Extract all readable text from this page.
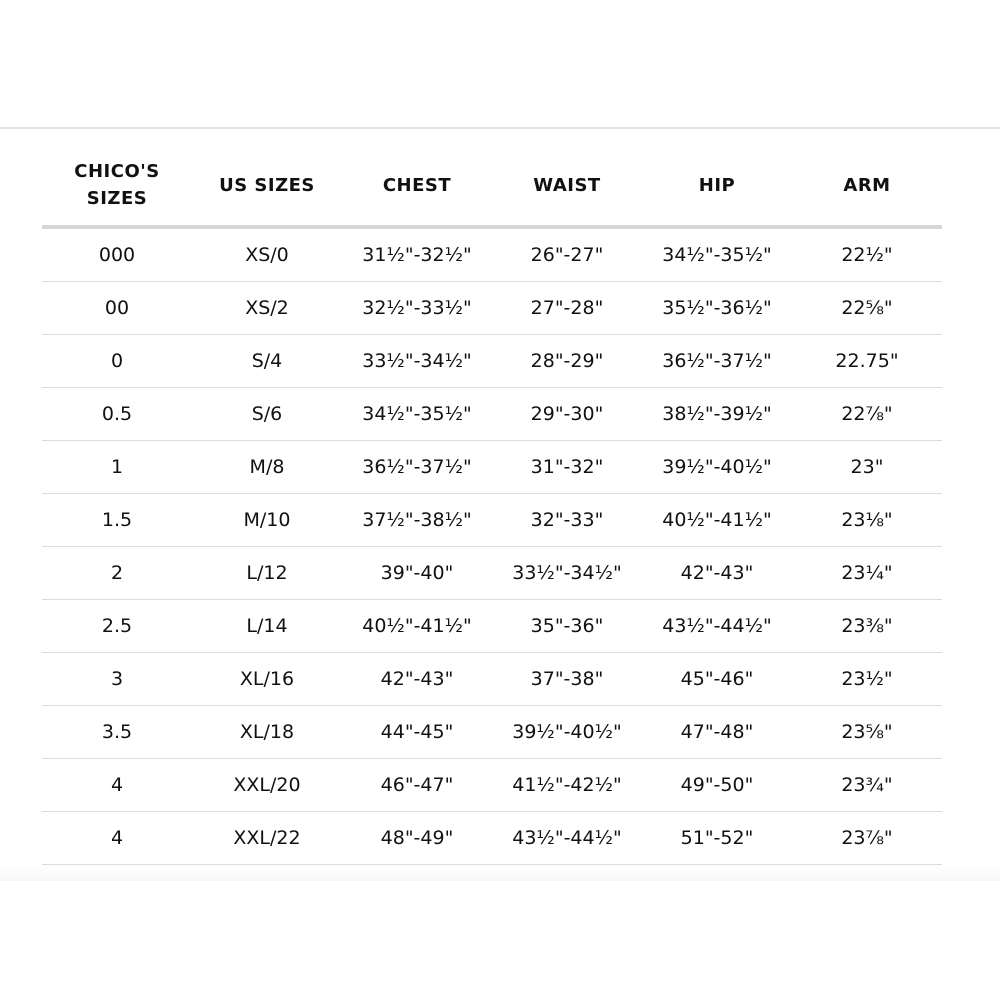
CHICO'S
SIZES	US SIZES	CHEST	WAIST	HIP	ARM

000	XS/0	31½"-32½"	26"-27"	34½"-35½"	22½"
00	XS/2	32½"-33½"	27"-28"	35½"-36½"	22⅝"
0	S/4	33½"-34½"	28"-29"	36½"-37½"	22.75"
0.5	S/6	34½"-35½"	29"-30"	38½"-39½"	22⅞"
1	M/8	36½"-37½"	31"-32"	39½"-40½"	23"
1.5	M/10	37½"-38½"	32"-33"	40½"-41½"	23⅛"
2	L/12	39"-40"	33½"-34½"	42"-43"	23¼"
2.5	L/14	40½"-41½"	35"-36"	43½"-44½"	23⅜"
3	XL/16	42"-43"	37"-38"	45"-46"	23½"
3.5	XL/18	44"-45"	39½"-40½"	47"-48"	23⅝"
4	XXL/20	46"-47"	41½"-42½"	49"-50"	23¾"
4	XXL/22	48"-49"	43½"-44½"	51"-52"	23⅞"
